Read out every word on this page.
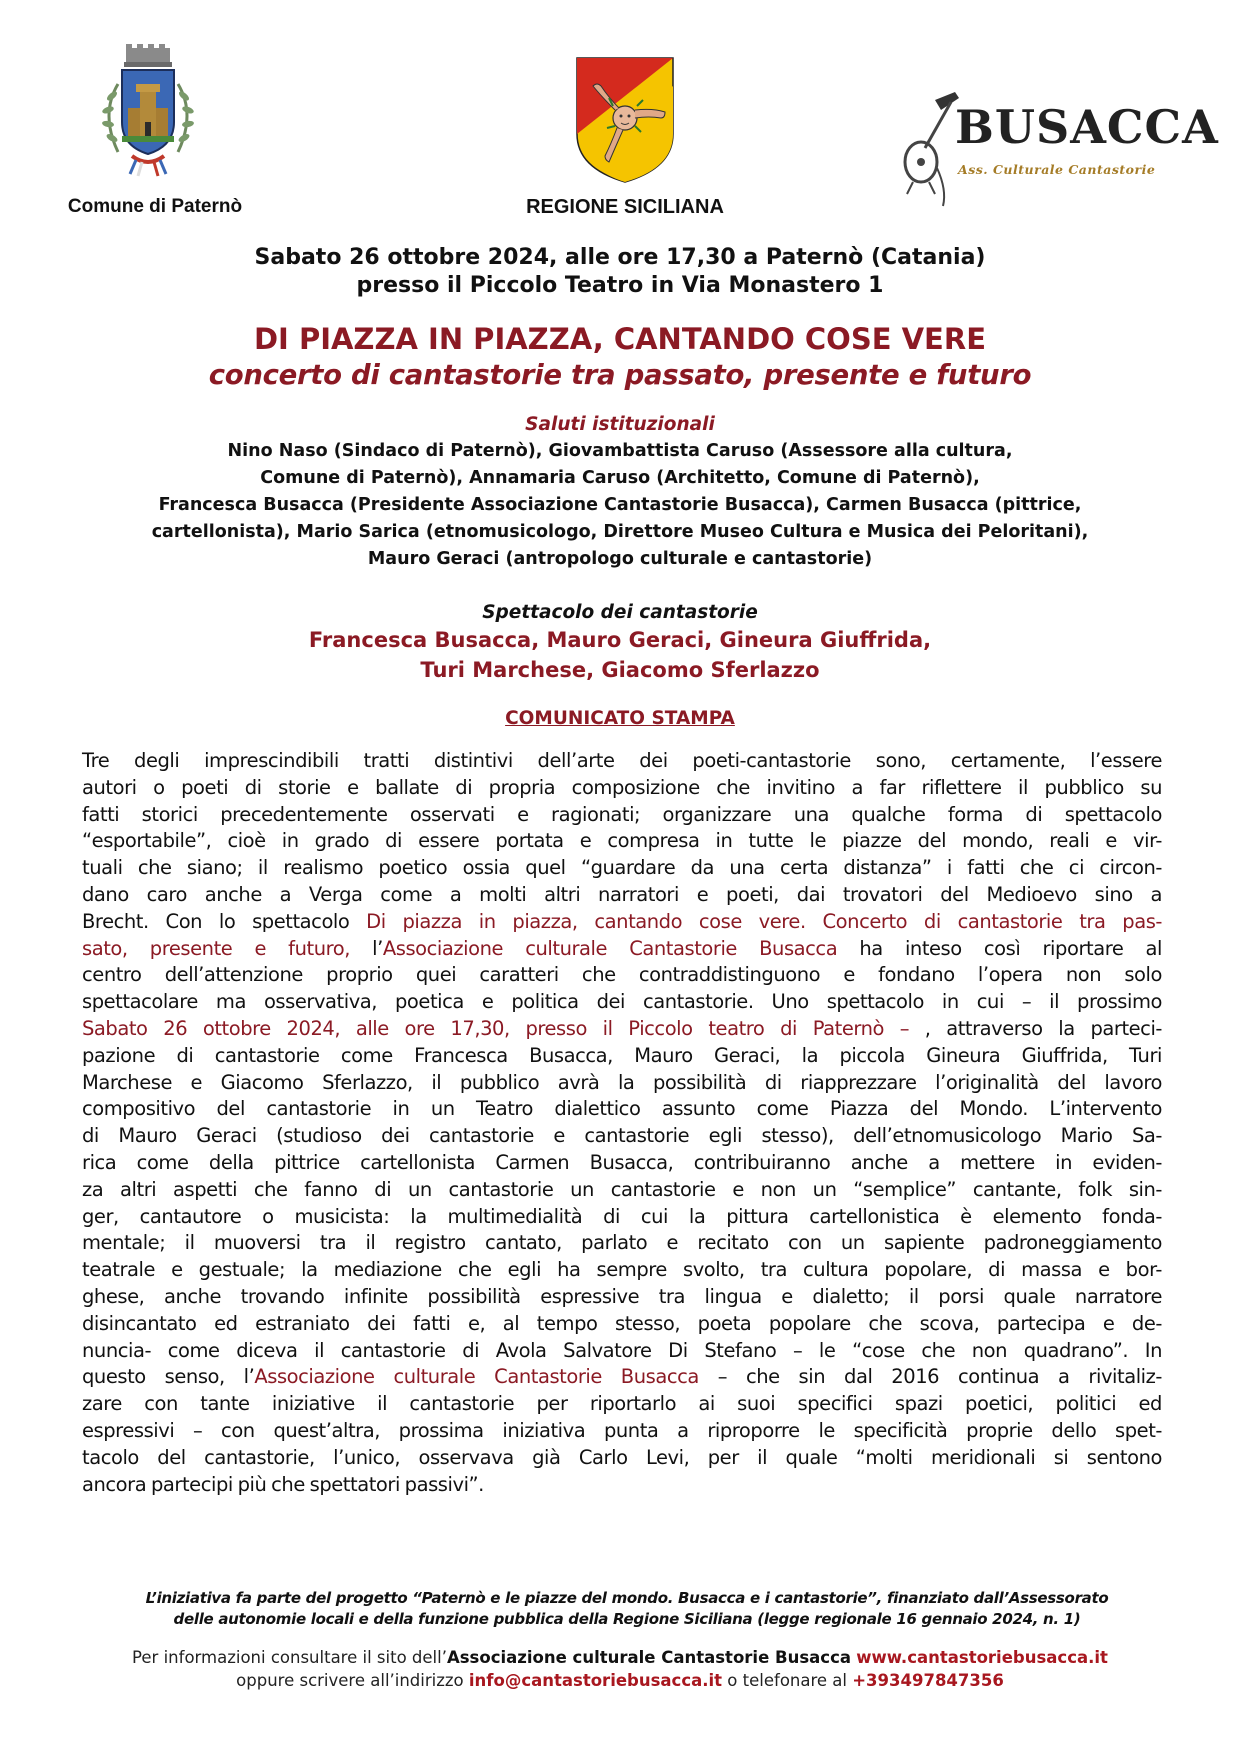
Comune di Paternò	REGIONE SICILIANA
BUSACCA
Ass. Culturale Cantastorie
Sabato 26 ottobre 2024, alle ore 17,30 a Paternò (Catania)
presso il Piccolo Teatro in Via Monastero 1
DI PIAZZA IN PIAZZA, CANTANDO COSE VERE
concerto di cantastorie tra passato, presente e futuro
Saluti istituzionali
Nino Naso (Sindaco di Paternò), Giovambattista Caruso (Assessore alla cultura,
Comune di Paternò), Annamaria Caruso (Architetto, Comune di Paternò),
Francesca Busacca (Presidente Associazione Cantastorie Busacca), Carmen Busacca (pittrice,
cartellonista), Mario Sarica (etnomusicologo, Direttore Museo Cultura e Musica dei Peloritani),
Mauro Geraci (antropologo culturale e cantastorie)
Spettacolo dei cantastorie
Francesca Busacca, Mauro Geraci, Gineura Giuffrida,
Turi Marchese, Giacomo Sferlazzo
COMUNICATO STAMPA
Tre degli imprescindibili tratti distintivi dell’arte dei poeti-cantastorie sono, certamente, l’essere
autori o poeti di storie e ballate di propria composizione che invitino a far riflettere il pubblico su
fatti storici precedentemente osservati e ragionati; organizzare una qualche forma di spettacolo
“esportabile”, cioè in grado di essere portata e compresa in tutte le piazze del mondo, reali e vir-
tuali che siano; il realismo poetico ossia quel “guardare da una certa distanza” i fatti che ci circon-
dano caro anche a Verga come a molti altri narratori e poeti, dai trovatori del Medioevo sino a
Brecht. Con lo spettacolo Di piazza in piazza, cantando cose vere. Concerto di cantastorie tra pas-
sato, presente e futuro, l’Associazione culturale Cantastorie Busacca ha inteso così riportare al
centro dell’attenzione proprio quei caratteri che contraddistinguono e fondano l’opera non solo
spettacolare ma osservativa, poetica e politica dei cantastorie. Uno spettacolo in cui – il prossimo
Sabato 26 ottobre 2024, alle ore 17,30, presso il Piccolo teatro di Paternò – , attraverso la parteci-
pazione di cantastorie come Francesca Busacca, Mauro Geraci, la piccola Gineura Giuffrida, Turi
Marchese e Giacomo Sferlazzo, il pubblico avrà la possibilità di riapprezzare l’originalità del lavoro
compositivo del cantastorie in un Teatro dialettico assunto come Piazza del Mondo. L’intervento
di Mauro Geraci (studioso dei cantastorie e cantastorie egli stesso), dell’etnomusicologo Mario Sa-
rica come della pittrice cartellonista Carmen Busacca, contribuiranno anche a mettere in eviden-
za altri aspetti che fanno di un cantastorie un cantastorie e non un “semplice” cantante, folk sin-
ger, cantautore o musicista: la multimedialità di cui la pittura cartellonistica è elemento fonda-
mentale; il muoversi tra il registro cantato, parlato e recitato con un sapiente padroneggiamento
teatrale e gestuale; la mediazione che egli ha sempre svolto, tra cultura popolare, di massa e bor-
ghese, anche trovando infinite possibilità espressive tra lingua e dialetto; il porsi quale narratore
disincantato ed estraniato dei fatti e, al tempo stesso, poeta popolare che scova, partecipa e de-
nuncia- come diceva il cantastorie di Avola Salvatore Di Stefano – le “cose che non quadrano”. In
questo senso, l’Associazione culturale Cantastorie Busacca – che sin dal 2016 continua a rivitaliz-
zare con tante iniziative il cantastorie per riportarlo ai suoi specifici spazi poetici, politici ed
espressivi – con quest’altra, prossima iniziativa punta a riproporre le specificità proprie dello spet-
tacolo del cantastorie, l’unico, osservava già Carlo Levi, per il quale “molti meridionali si sentono
ancora partecipi più che spettatori passivi”.
L’iniziativa fa parte del progetto “Paternò e le piazze del mondo. Busacca e i cantastorie”, finanziato dall’Assessorato
delle autonomie locali e della funzione pubblica della Regione Siciliana (legge regionale 16 gennaio 2024, n. 1)
Per informazioni consultare il sito dell’Associazione culturale Cantastorie Busacca www.cantastoriebusacca.it
oppure scrivere all’indirizzo info@cantastoriebusacca.it o telefonare al +393497847356
